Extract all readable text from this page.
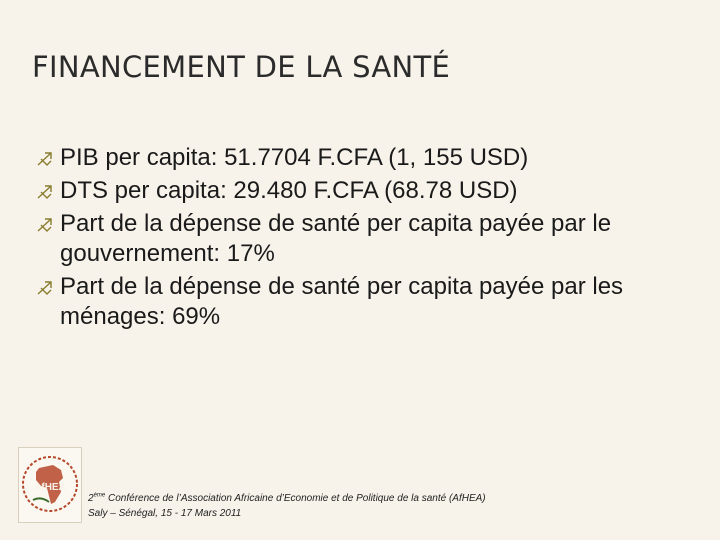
FINANCEMENT DE LA SANTÉ
PIB per capita: 51.7704 F.CFA (1, 155 USD)
DTS per capita: 29.480 F.CFA (68.78 USD)
Part de la dépense de santé per capita payée par le gouvernement: 17%
Part de la dépense de santé per capita payée par les ménages: 69%
AfHEA
2ème Conférence de l’Association Africaine d’Economie et de Politique de la santé (AfHEA)
Saly – Sénégal, 15 - 17 Mars 2011
